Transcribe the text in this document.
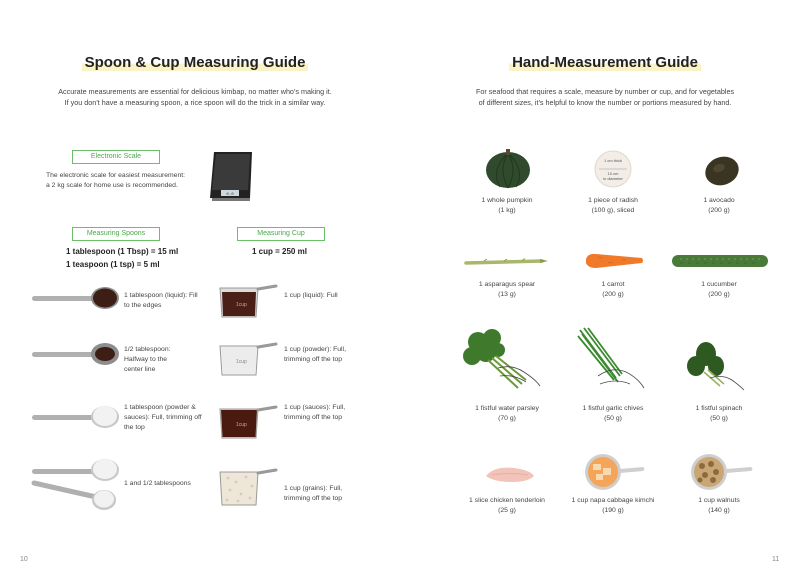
Spoon & Cup Measuring Guide
Accurate measurements are essential for delicious kimbap, no matter who’s making it.
If you don’t have a measuring spoon, a rice spoon will do the trick in a similar way.
Electronic Scale
The electronic scale for easiest measurement:
a 2 kg scale for home use is recommended.
0.0
Measuring Spoons	Measuring Cup
1 tablespoon (1 Tbsp) = 15 ml
1 teaspoon (1 tsp) = 5 ml
1 cup = 250 ml
1 tablespoon (liquid): Fill
to the edges
1/2 tablespoon:
Halfway to the
center line
1 tablespoon (powder &
sauces): Full, trimming off
the top
1 and 1/2 tablespoons
1cup
1 cup (liquid): Full
1cup
1 cup (powder): Full,
trimming off the top
1cup
1 cup (sauces): Full,
trimming off the top
1 cup (grains): Full,
trimming off the top
10
Hand-Measurement Guide
For seafood that requires a scale, measure by number or cup, and for vegetables
of different sizes, it’s helpful to know the number or portions measured by hand.
1 cm thick
10 cm
in diameter
1 whole pumpkin
(1 kg)
1 piece of radish
(100 g), sliced
1 avocado
(200 g)
1 asparagus spear
(13 g)
1 carrot
(200 g)
1 cucumber
(200 g)
1 fistful water parsley
(70 g)
1 fistful garlic chives
(50 g)
1 fistful spinach
(50 g)
1 slice chicken tenderloin
(25 g)
1 cup napa cabbage kimchi
(190 g)
1 cup walnuts
(140 g)
11
